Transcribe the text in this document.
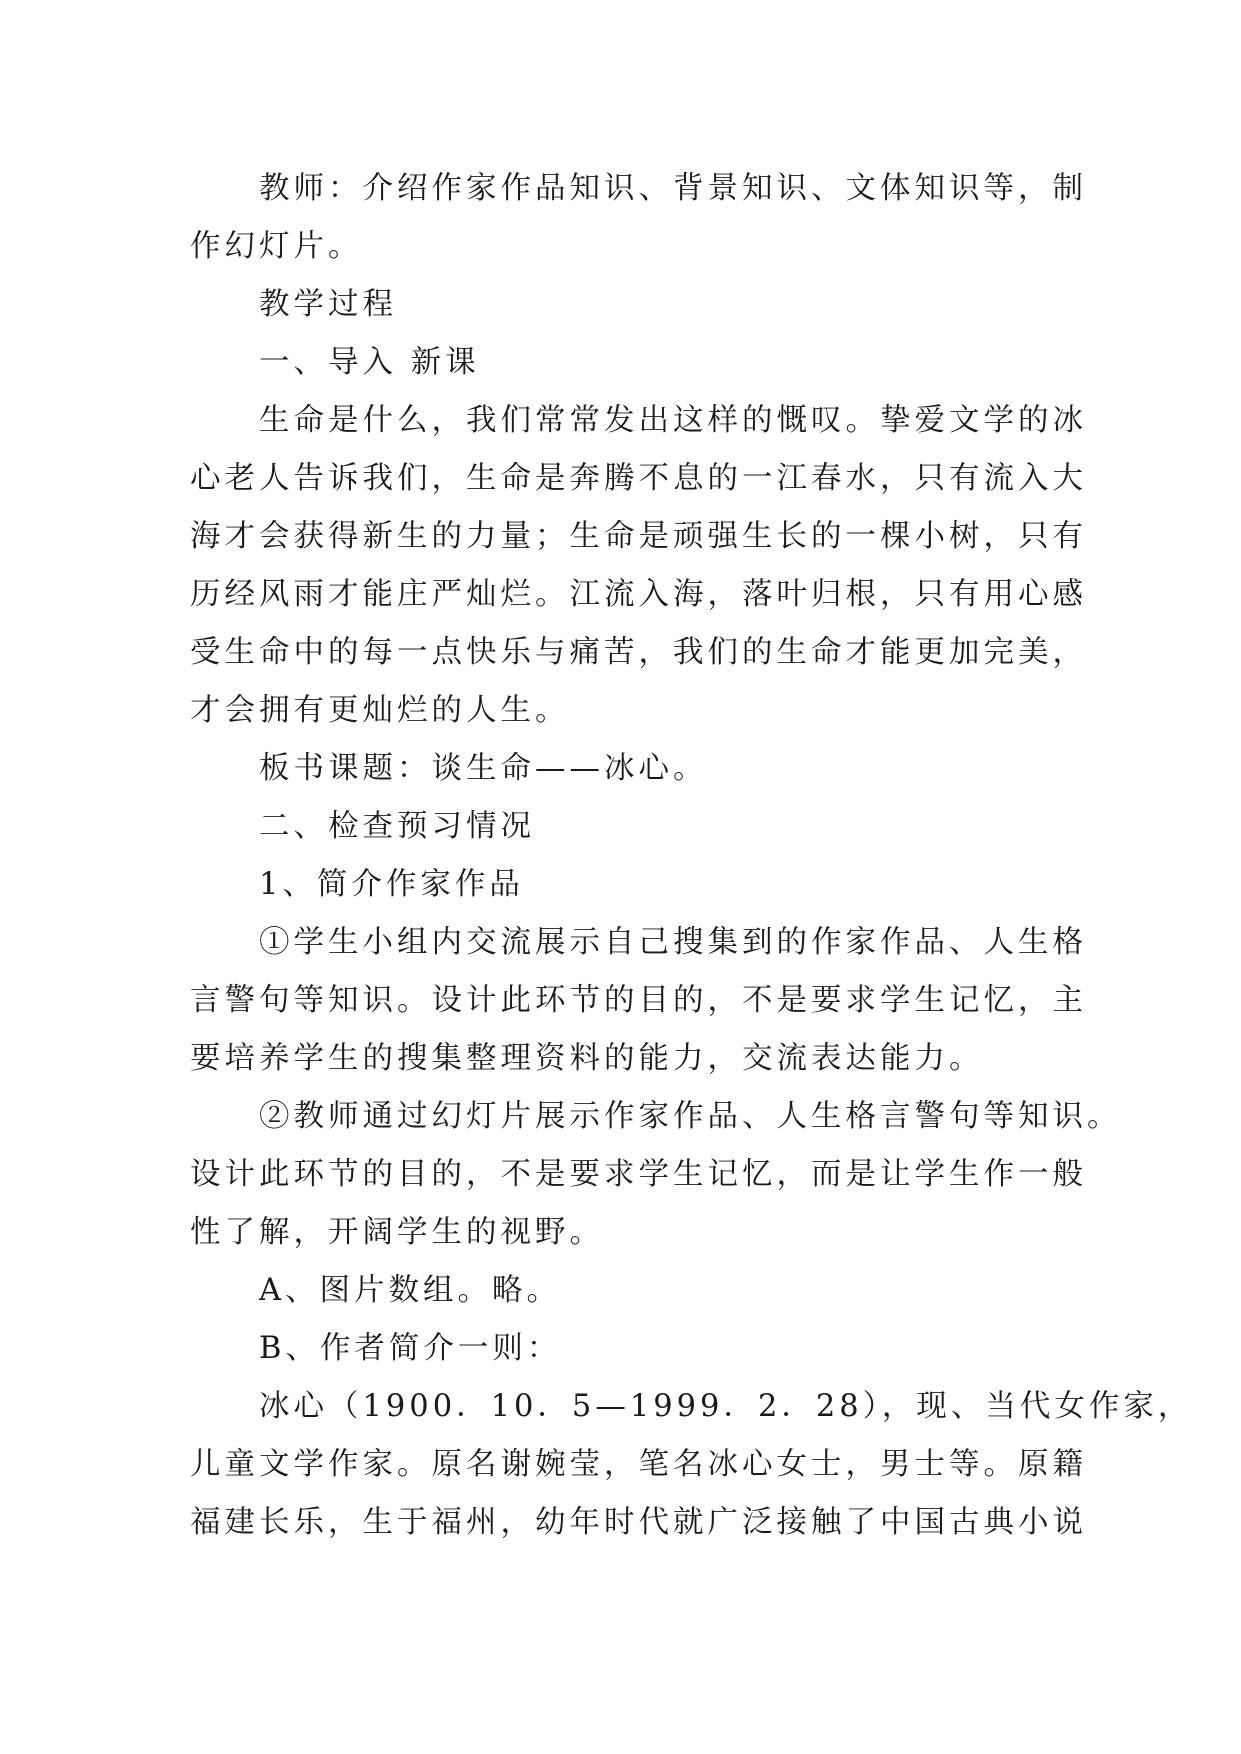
　　教师：介绍作家作品知识、背景知识、文体知识等，制
作幻灯片。
　　教学过程
　　一、导入 新课
　　生命是什么，我们常常发出这样的慨叹。挚爱文学的冰
心老人告诉我们，生命是奔腾不息的一江春水，只有流入大
海才会获得新生的力量；生命是顽强生长的一棵小树，只有
历经风雨才能庄严灿烂。江流入海，落叶归根，只有用心感
受生命中的每一点快乐与痛苦，我们的生命才能更加完美，
才会拥有更灿烂的人生。
　　板书课题：谈生命——冰心。
　　二、检查预习情况
　　1、简介作家作品
　　①学生小组内交流展示自己搜集到的作家作品、人生格
言警句等知识。设计此环节的目的，不是要求学生记忆，主
要培养学生的搜集整理资料的能力，交流表达能力。
　　②教师通过幻灯片展示作家作品、人生格言警句等知识。
设计此环节的目的，不是要求学生记忆，而是让学生作一般
性了解，开阔学生的视野。
　　A、图片数组。略。
　　B、作者简介一则：
　　冰心（1900．10．5—1999．2．28），现、当代女作家，
儿童文学作家。原名谢婉莹，笔名冰心女士，男士等。原籍
福建长乐，生于福州，幼年时代就广泛接触了中国古典小说
